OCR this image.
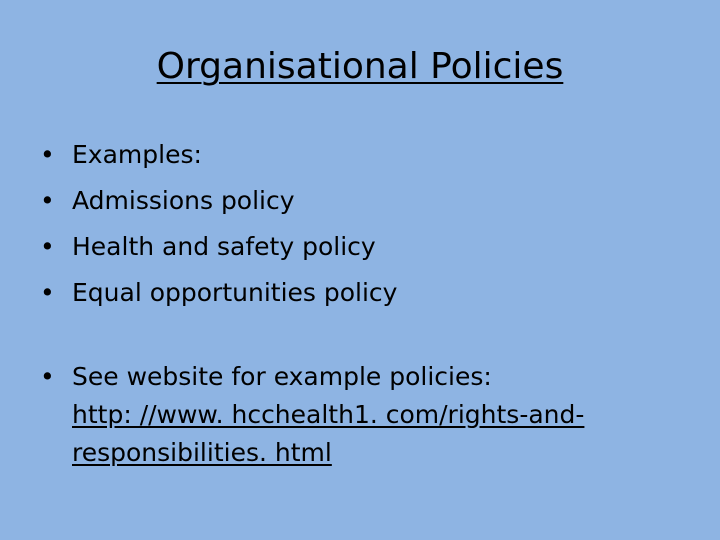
Organisational Policies
• Examples:
• Admissions policy
• Health and safety policy
• Equal opportunities policy
• See website for example policies:
http: //www. hcchealth1. com/rights-and-
responsibilities. html
